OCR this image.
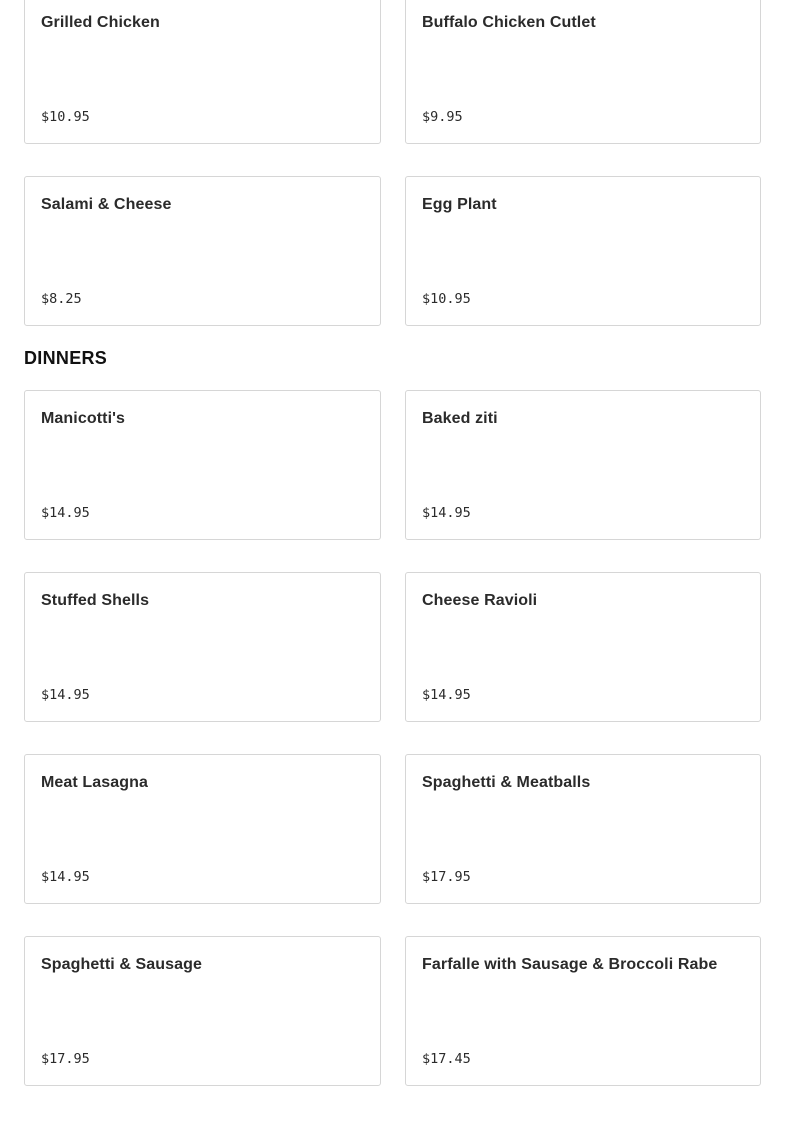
Grilled Chicken
$10.95
Buffalo Chicken Cutlet
$9.95
Salami & Cheese
$8.25
Egg Plant
$10.95
DINNERS
Manicotti's
$14.95
Baked ziti
$14.95
Stuffed Shells
$14.95
Cheese Ravioli
$14.95
Meat Lasagna
$14.95
Spaghetti & Meatballs
$17.95
Spaghetti & Sausage
$17.95
Farfalle with Sausage & Broccoli Rabe
$17.45
